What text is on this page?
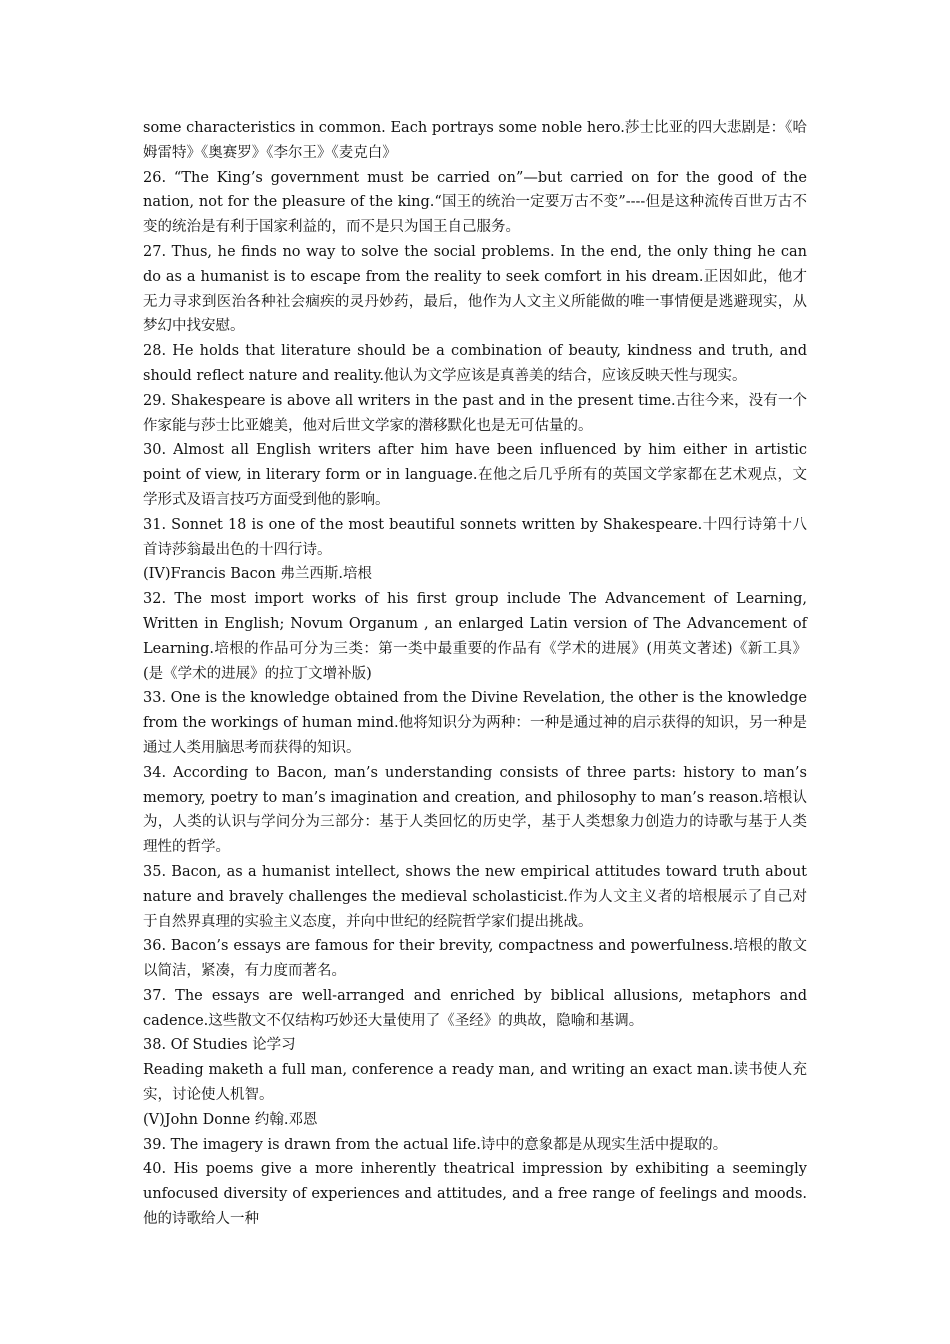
some characteristics in common. Each portrays some noble hero.莎士比亚的四大悲剧是：《哈姆雷特》《奥赛罗》《李尔王》《麦克白》

26. “The King’s government must be carried on”—but carried on for the good of the nation, not for the pleasure of the king.“国王的统治一定要万古不变”----但是这种流传百世万古不变的统治是有利于国家利益的，而不是只为国王自己服务。

27. Thus, he finds no way to solve the social problems. In the end, the only thing he can do as a humanist is to escape from the reality to seek comfort in his dream.正因如此，他才无力寻求到医治各种社会痼疾的灵丹妙药，最后，他作为人文主义所能做的唯一事情便是逃避现实，从梦幻中找安慰。

28. He holds that literature should be a combination of beauty, kindness and truth, and should reflect nature and reality.他认为文学应该是真善美的结合，应该反映天性与现实。

29. Shakespeare is above all writers in the past and in the present time.古往今来，没有一个作家能与莎士比亚媲美，他对后世文学家的潜移默化也是无可估量的。

30. Almost all English writers after him have been influenced by him either in artistic point of view, in literary form or in language.在他之后几乎所有的英国文学家都在艺术观点，文学形式及语言技巧方面受到他的影响。

31. Sonnet 18 is one of the most beautiful sonnets written by Shakespeare.十四行诗第十八首诗莎翁最出色的十四行诗。

(IV)Francis Bacon 弗兰西斯.培根

32. The most import works of his first group include The Advancement of Learning, Written in English; Novum Organum , an enlarged Latin version of The Advancement of Learning.培根的作品可分为三类：第一类中最重要的作品有《学术的进展》(用英文著述)《新工具》(是《学术的进展》的拉丁文增补版)

33. One is the knowledge obtained from the Divine Revelation, the other is the knowledge from the workings of human mind.他将知识分为两种：一种是通过神的启示获得的知识，另一种是通过人类用脑思考而获得的知识。

34. According to Bacon, man’s understanding consists of three parts: history to man’s memory, poetry to man’s imagination and creation, and philosophy to man’s reason.培根认为，人类的认识与学问分为三部分：基于人类回忆的历史学，基于人类想象力创造力的诗歌与基于人类理性的哲学。

35. Bacon, as a humanist intellect, shows the new empirical attitudes toward truth about nature and bravely challenges the medieval scholasticist.作为人文主义者的培根展示了自己对于自然界真理的实验主义态度，并向中世纪的经院哲学家们提出挑战。

36. Bacon’s essays are famous for their brevity, compactness and powerfulness.培根的散文以简洁，紧凑，有力度而著名。

37. The essays are well-arranged and enriched by biblical allusions, metaphors and cadence.这些散文不仅结构巧妙还大量使用了《圣经》的典故，隐喻和基调。

38. Of Studies 论学习

Reading maketh a full man, conference a ready man, and writing an exact man.读书使人充实，讨论使人机智。

(V)John Donne 约翰.邓恩

39. The imagery is drawn from the actual life.诗中的意象都是从现实生活中提取的。

40. His poems give a more inherently theatrical impression by exhibiting a seemingly unfocused diversity of experiences and attitudes, and a free range of feelings and moods.他的诗歌给人一种
